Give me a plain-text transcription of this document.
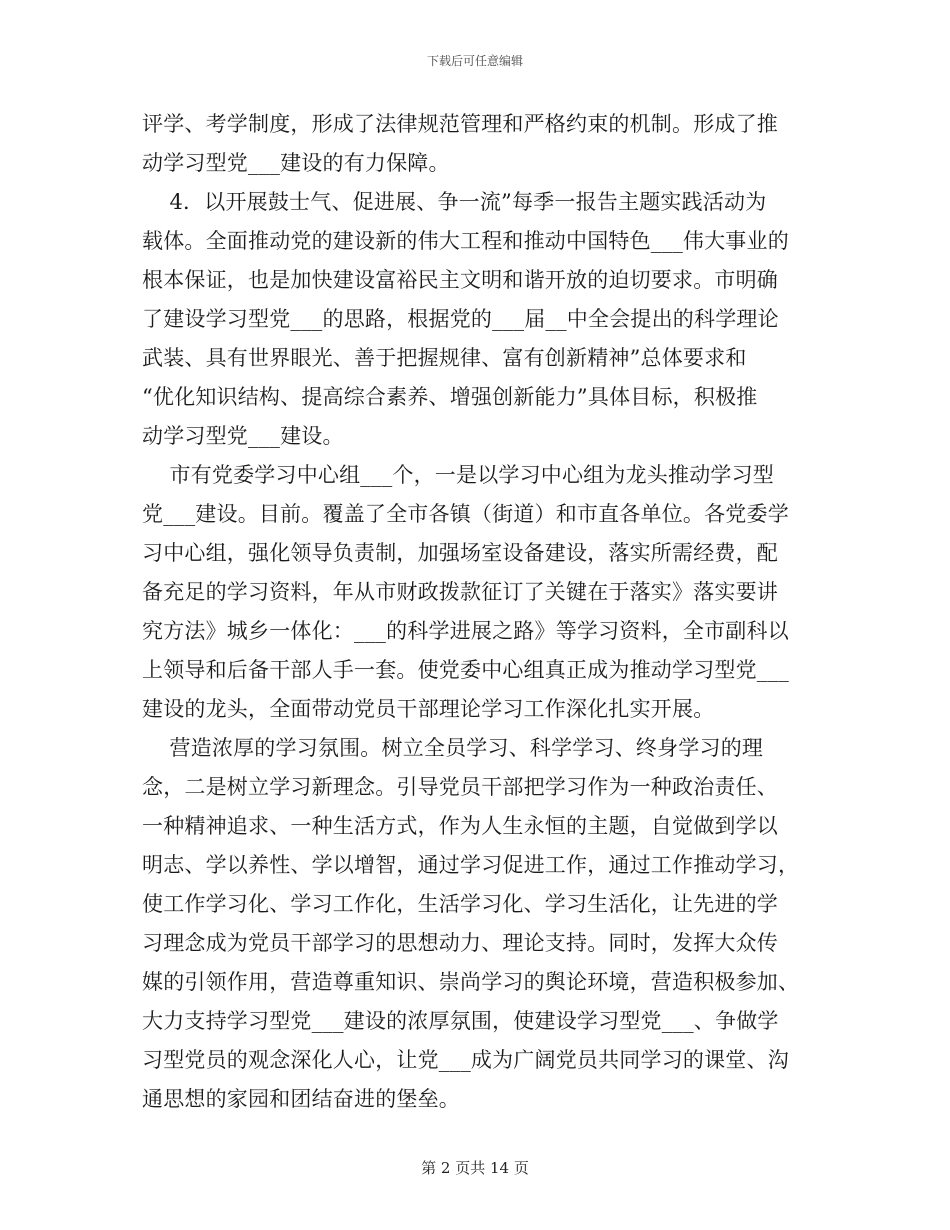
下载后可任意编辑
评学、考学制度，形成了法律规范管理和严格约束的机制。形成了推
动学习型党___建设的有力保障。
4．以开展鼓士气、促进展、争一流”每季一报告主题实践活动为
载体。全面推动党的建设新的伟大工程和推动中国特色___伟大事业的
根本保证，也是加快建设富裕民主文明和谐开放的迫切要求。市明确
了建设学习型党___的思路，根据党的___届__中全会提出的科学理论
武装、具有世界眼光、善于把握规律、富有创新精神”总体要求和
“优化知识结构、提高综合素养、增强创新能力”具体目标，积极推
动学习型党___建设。
市有党委学习中心组___个，一是以学习中心组为龙头推动学习型
党___建设。目前。覆盖了全市各镇（街道）和市直各单位。各党委学
习中心组，强化领导负责制，加强场室设备建设，落实所需经费，配
备充足的学习资料，年从市财政拨款征订了关键在于落实》落实要讲
究方法》城乡一体化：___的科学进展之路》等学习资料，全市副科以
上领导和后备干部人手一套。使党委中心组真正成为推动学习型党___
建设的龙头，全面带动党员干部理论学习工作深化扎实开展。
营造浓厚的学习氛围。树立全员学习、科学学习、终身学习的理
念，二是树立学习新理念。引导党员干部把学习作为一种政治责任、
一种精神追求、一种生活方式，作为人生永恒的主题，自觉做到学以
明志、学以养性、学以增智，通过学习促进工作，通过工作推动学习，
使工作学习化、学习工作化，生活学习化、学习生活化，让先进的学
习理念成为党员干部学习的思想动力、理论支持。同时，发挥大众传
媒的引领作用，营造尊重知识、崇尚学习的舆论环境，营造积极参加、
大力支持学习型党___建设的浓厚氛围，使建设学习型党___、争做学
习型党员的观念深化人心，让党___成为广阔党员共同学习的课堂、沟
通思想的家园和团结奋进的堡垒。
第 2 页共 14 页
